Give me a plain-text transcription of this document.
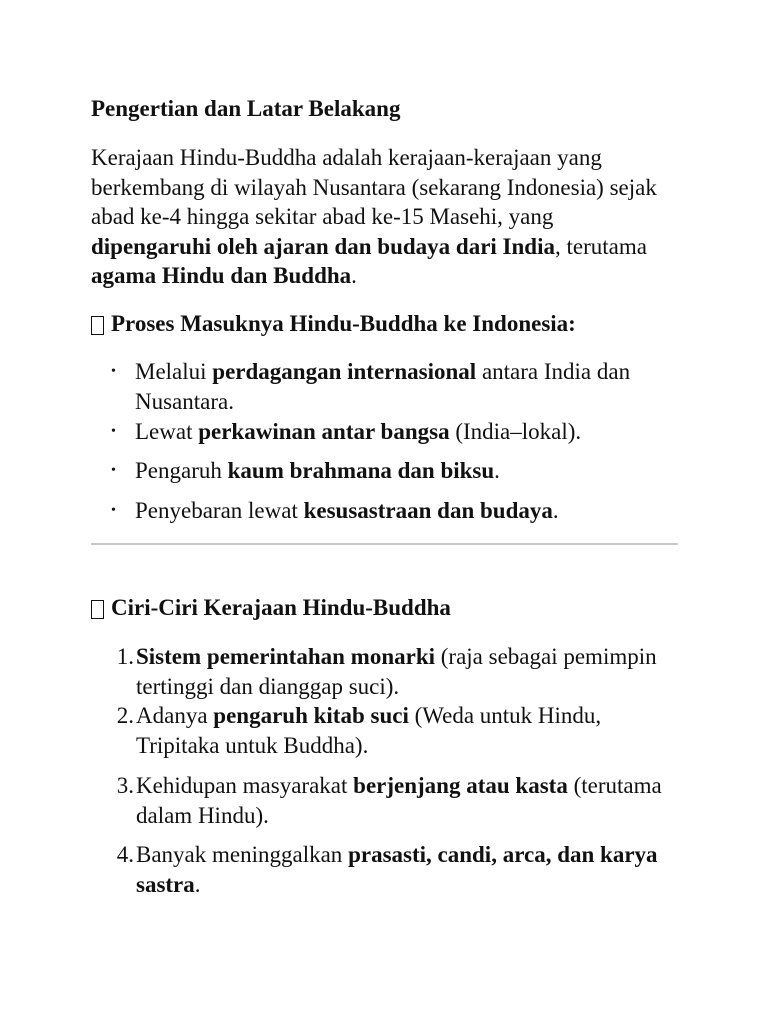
Pengertian dan Latar Belakang

Kerajaan Hindu-Buddha adalah kerajaan-kerajaan yang berkembang di wilayah Nusantara (sekarang Indonesia) sejak abad ke-4 hingga sekitar abad ke-15 Masehi, yang dipengaruhi oleh ajaran dan budaya dari India, terutama agama Hindu dan Buddha.

Proses Masuknya Hindu-Buddha ke Indonesia:
• Melalui perdagangan internasional antara India dan Nusantara.
• Lewat perkawinan antar bangsa (India–lokal).
• Pengaruh kaum brahmana dan biksu.
• Penyebaran lewat kesusastraan dan budaya.
Ciri-Ciri Kerajaan Hindu-Buddha
1. Sistem pemerintahan monarki (raja sebagai pemimpin tertinggi dan dianggap suci).
2. Adanya pengaruh kitab suci (Weda untuk Hindu, Tripitaka untuk Buddha).
3. Kehidupan masyarakat berjenjang atau kasta (terutama dalam Hindu).
4. Banyak meninggalkan prasasti, candi, arca, dan karya sastra.
